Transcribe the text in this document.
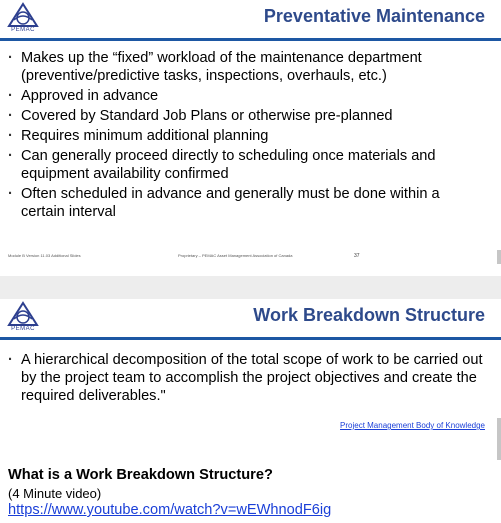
PEMAC
Preventative Maintenance
· Makes up the “fixed” workload of the maintenance department (preventive/predictive tasks, inspections, overhauls, etc.)
· Approved in advance
· Covered by Standard Job Plans or otherwise pre-planned
· Requires minimum additional planning
· Can generally proceed directly to scheduling once materials and equipment availability confirmed
· Often scheduled in advance and generally must be done within a certain interval
Module B Version 11.03 Additional Slides	Proprietary – PEMAC Asset Management Association of Canada	37
PEMAC
Work Breakdown Structure
· A hierarchical decomposition of the total scope of work to be carried out by the project team to accomplish the project objectives and create the required deliverables."
Project Management Body of Knowledge
What is a Work Breakdown Structure?
(4 Minute video)
https://www.youtube.com/watch?v=wEWhnodF6ig
